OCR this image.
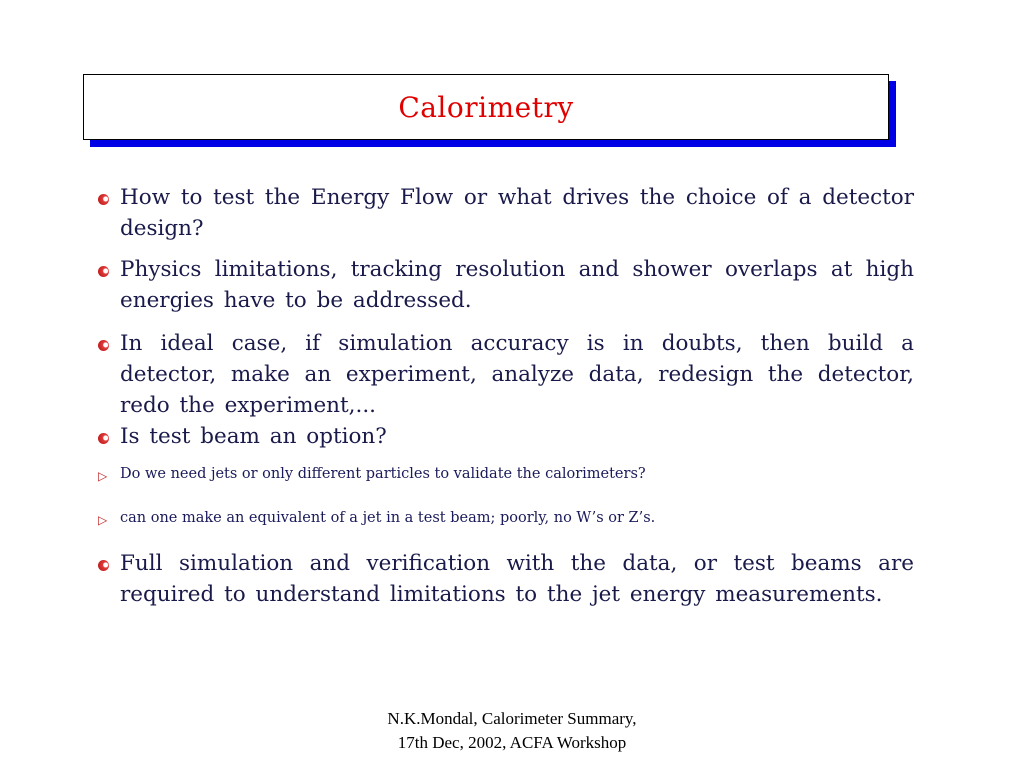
Calorimetry
How to test the Energy Flow or what drives the choice of a detector design?
Physics limitations, tracking resolution and shower overlaps at high energies have to be addressed.
In ideal case, if simulation accuracy is in doubts, then build a detector, make an experiment, analyze data, redesign the detector, redo the experiment,...
Is test beam an option?
▷ Do we need jets or only different particles to validate the calorimeters?
▷ can one make an equivalent of a jet in a test beam; poorly, no W’s or Z’s.
Full simulation and verification with the data, or test beams are required to understand limitations to the jet energy measurements.
N.K.Mondal, Calorimeter Summary,
17th Dec, 2002, ACFA Workshop
